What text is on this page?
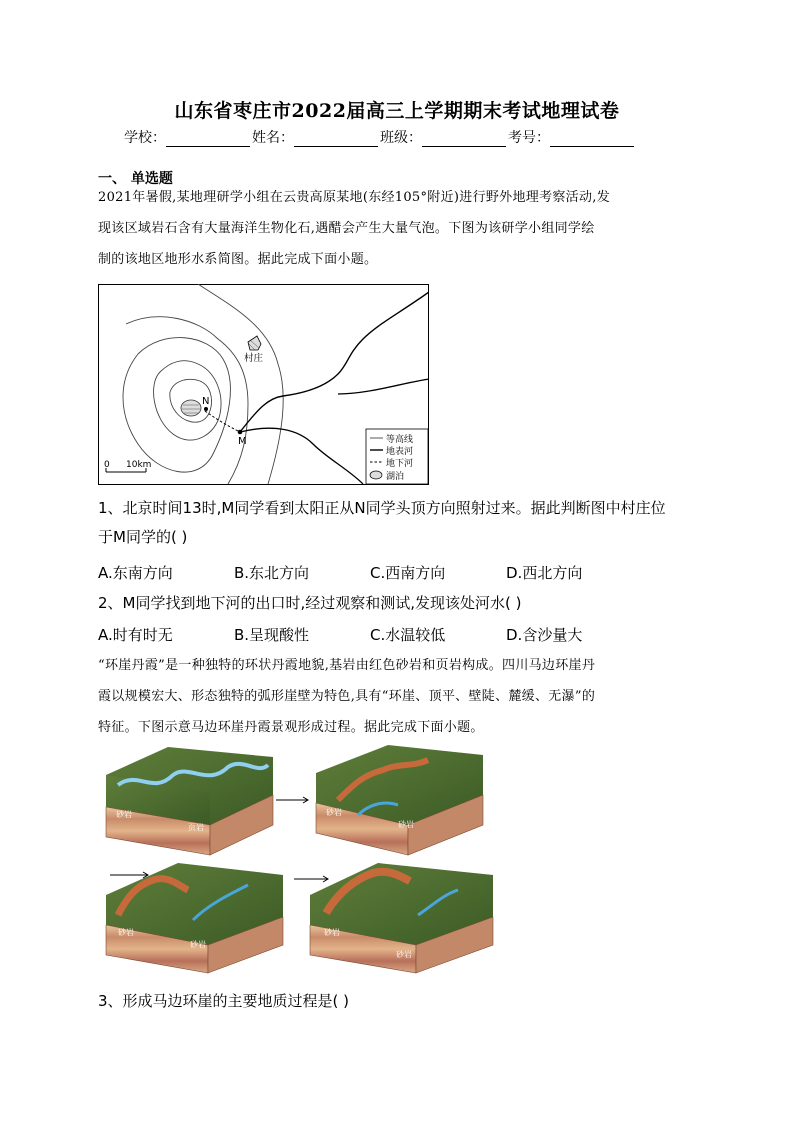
山东省枣庄市2022届高三上学期期末考试地理试卷
学校：	姓名：	班级：	考号：
一、 单选题
2021年暑假,某地理研学小组在云贵高原某地(东经105°附近)进行野外地理考察活动,发
现该区域岩石含有大量海洋生物化石,遇醋会产生大量气泡。下图为该研学小组同学绘
制的该地区地形水系简图。据此完成下面小题。
村庄
N
M
0 10km
等高线
地表河
地下河
湖泊
1、北京时间13时,M同学看到太阳正从N同学头顶方向照射过来。据此判断图中村庄位
于M同学的( )
A.东南方向	B.东北方向	C.西南方向	D.西北方向
2、M同学找到地下河的出口时,经过观察和测试,发现该处河水( )
A.时有时无	B.呈现酸性	C.水温较低	D.含沙量大
“环崖丹霞”是一种独特的环状丹霞地貌,基岩由红色砂岩和页岩构成。四川马边环崖丹
霞以规模宏大、形态独特的弧形崖壁为特色,具有“环崖、顶平、壁陡、麓缓、无瀑”的
特征。下图示意马边环崖丹霞景观形成过程。据此完成下面小题。
砂岩
页岩
砂岩
砂岩
砂岩
砂岩
砂岩
砂岩
3、形成马边环崖的主要地质过程是( )
